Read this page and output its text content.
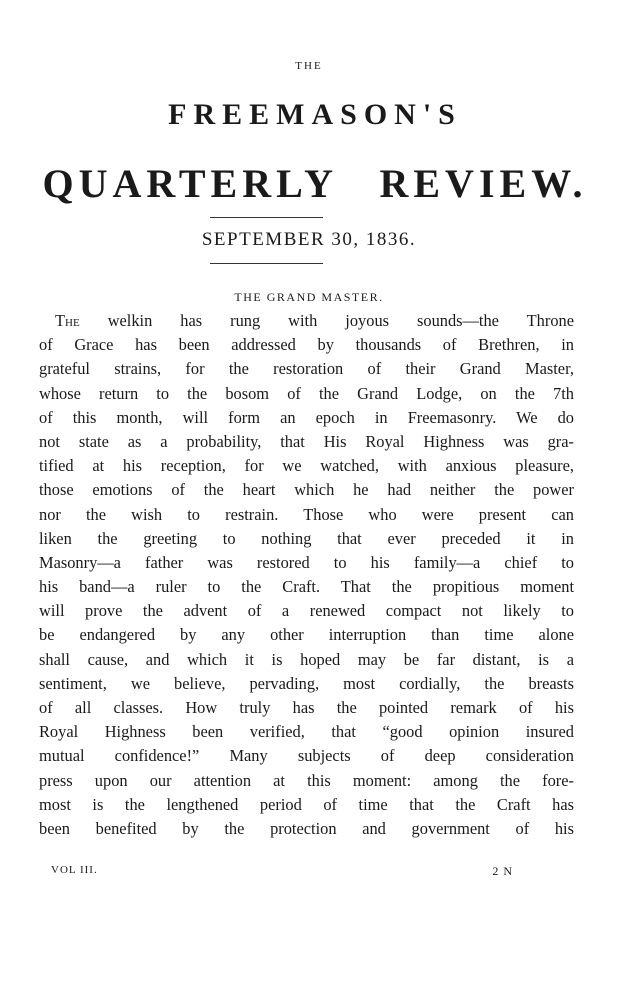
THE
FREEMASON'S
QUARTERLY REVIEW.
SEPTEMBER 30, 1836.
THE GRAND MASTER.
The welkin has rung with joyous sounds—the Throne
of Grace has been addressed by thousands of Brethren, in
grateful strains, for the restoration of their Grand Master,
whose return to the bosom of the Grand Lodge, on the 7th
of this month, will form an epoch in Freemasonry. We do
not state as a probability, that His Royal Highness was gra-
tified at his reception, for we watched, with anxious pleasure,
those emotions of the heart which he had neither the power
nor the wish to restrain. Those who were present can
liken the greeting to nothing that ever preceded it in
Masonry—a father was restored to his family—a chief to
his band—a ruler to the Craft. That the propitious moment
will prove the advent of a renewed compact not likely to
be endangered by any other interruption than time alone
shall cause, and which it is hoped may be far distant, is a
sentiment, we believe, pervading, most cordially, the breasts
of all classes. How truly has the pointed remark of his
Royal Highness been verified, that “good opinion insured
mutual confidence!” Many subjects of deep consideration
press upon our attention at this moment: among the fore-
most is the lengthened period of time that the Craft has
been benefited by the protection and government of his
VOL III.	2 N
